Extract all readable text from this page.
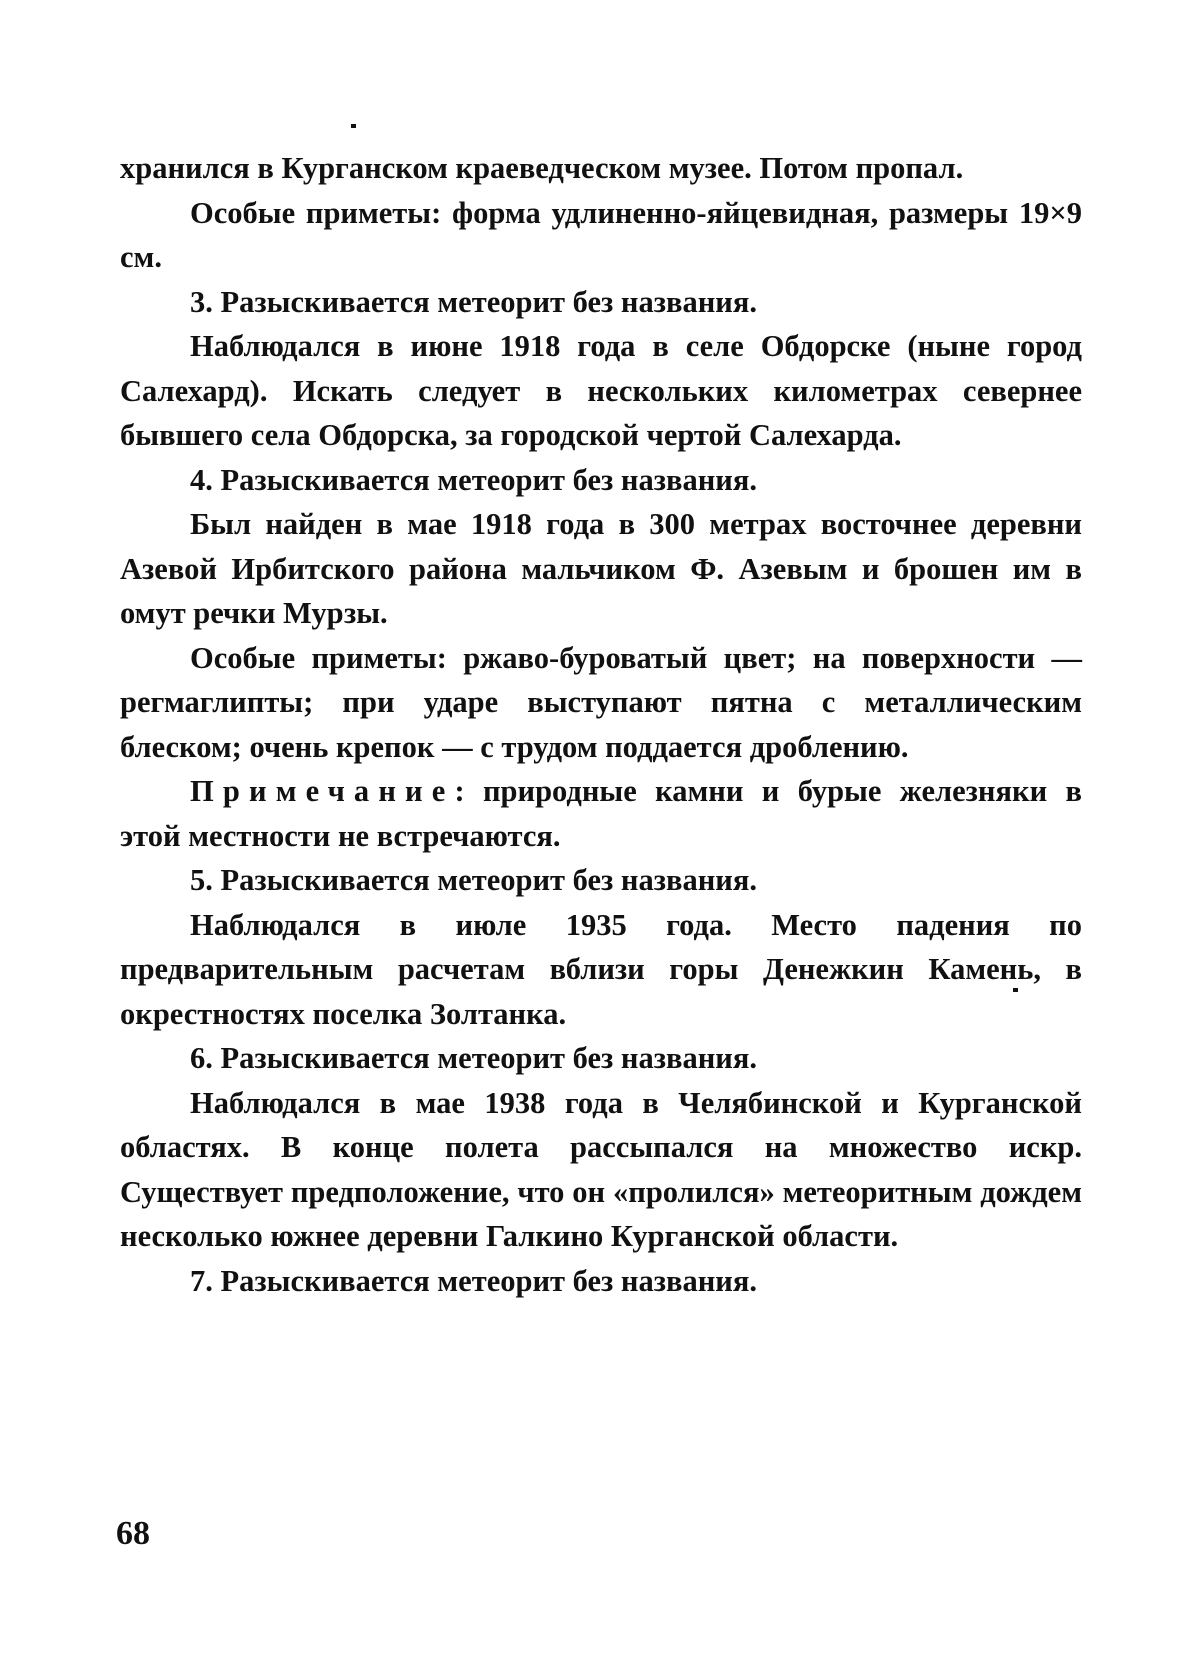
хранился в Курганском краеведческом музее. Потом пропал.

Особые приметы: форма удлиненно-яйцевидная, размеры 19×9 см.

3. Разыскивается метеорит без названия.

Наблюдался в июне 1918 года в селе Обдорске (ныне город Салехард). Искать следует в нескольких километрах севернее бывшего села Обдорска, за городской чертой Салехарда.

4. Разыскивается метеорит без названия.

Был найден в мае 1918 года в 300 метрах восточнее деревни Азевой Ирбитского района мальчиком Ф. Азевым и брошен им в омут речки Мурзы.

Особые приметы: ржаво-буроватый цвет; на поверхности — регмаглипты; при ударе выступают пятна с металлическим блеском; очень крепок — с трудом поддается дроблению.

Примечание: природные камни и бурые железняки в этой местности не встречаются.

5. Разыскивается метеорит без названия.

Наблюдался в июле 1935 года. Место падения по предварительным расчетам вблизи горы Денежкин Камень, в окрестностях поселка Золтанка.

6. Разыскивается метеорит без названия.

Наблюдался в мае 1938 года в Челябинской и Курганской областях. В конце полета рассыпался на множество искр. Существует предположение, что он «пролился» метеоритным дождем несколько южнее деревни Галкино Курганской области.

7. Разыскивается метеорит без названия.

68
